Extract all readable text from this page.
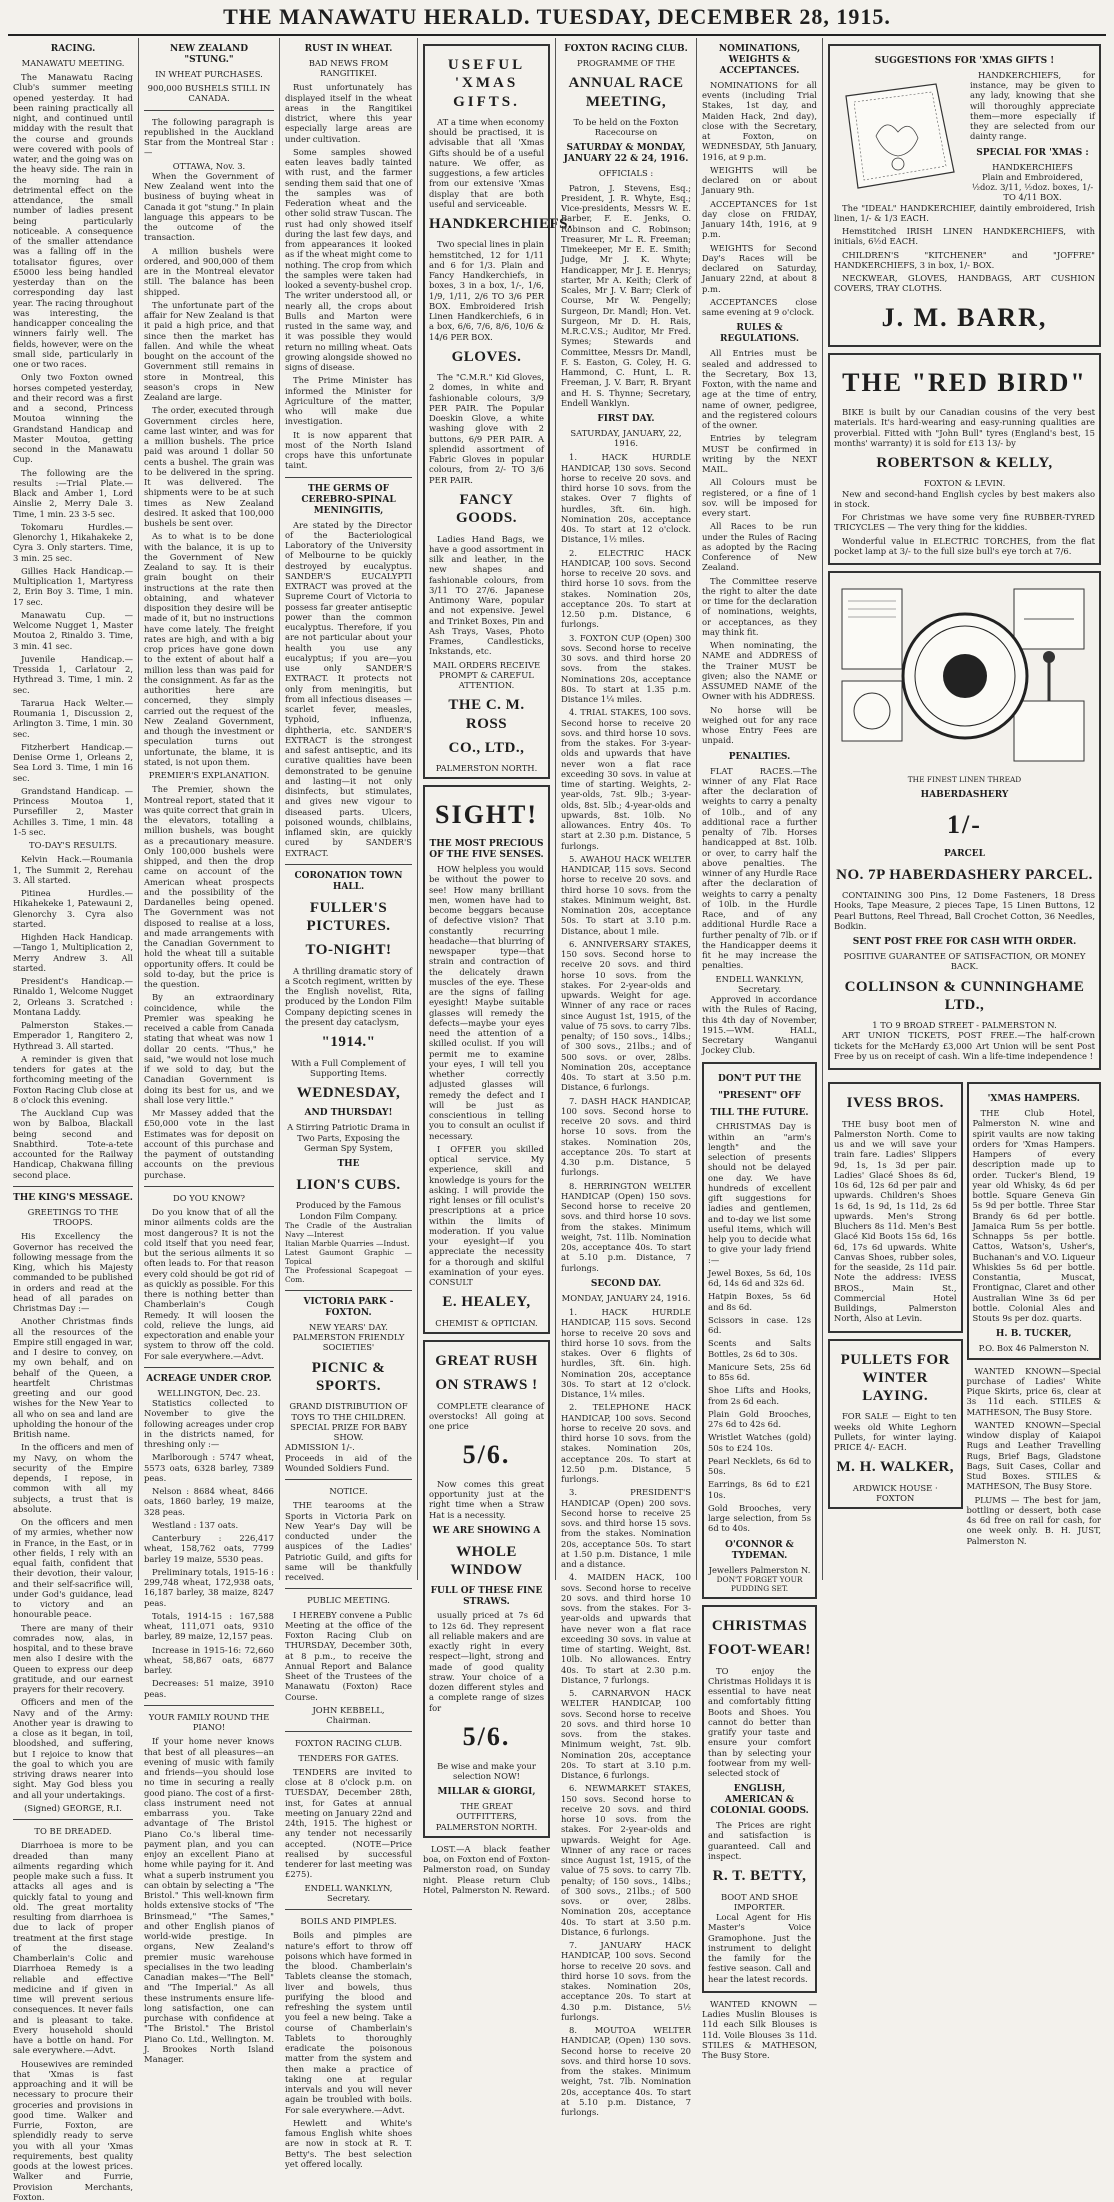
THE MANAWATU HERALD. TUESDAY, DECEMBER 28, 1915.
RACING.
MANAWATU MEETING.

The Manawatu Racing Club's summer meeting opened yesterday. It had been raining practically all night, and continued until midday with the result that the course and grounds were covered with pools of water, and the going was on the heavy side. The rain in the morning had a detrimental effect on the attendance, the small number of ladies present being particularly noticeable. A consequence of the smaller attendance was a falling off in the totalisator figures, over £5000 less being handled yesterday than on the corresponding day last year. The racing throughout was interesting, the handicapper concealing the winners fairly well. The fields, however, were on the small side, particularly in one or two races.

Only two Foxton owned horses competed yesterday, and their record was a first and a second, Princess Moutoa winning the Grandstand Handicap and Master Moutoa, getting second in the Manawatu Cup.

The following are the results :—Trial Plate.—Black and Amber 1, Lord Ainslie 2, Merry Dale 3. Time, 1 min. 23 3-5 sec.

Tokomaru Hurdles.—Glenorchy 1, Hikahakeke 2, Cyra 3. Only starters. Time, 3 min. 25 sec.

Gillies Hack Handicap.—Multiplication 1, Martyress 2, Erin Boy 3. Time, 1 min. 17 sec.

Manawatu Cup. — Welcome Nugget 1, Master Moutoa 2, Rinaldo 3. Time, 3 min. 41 sec.

Juvenile Handicap.—Tressida 1, Carlatour 2, Hythread 3. Time, 1 min. 2 sec.

Tararua Hack Welter.—Roumania 1, Discussion 2, Arlington 3. Time, 1 min. 30 sec.

Fitzherbert Handicap.—Denise Orme 1, Orleans 2, Sea Lord 3. Time, 1 min 16 sec.

Grandstand Handicap. — Princess Moutoa 1, Pursefiller 2, Master Achilles 3. Time, 1 min. 48 1-5 sec.

TO-DAY'S RESULTS.

Kelvin Hack.—Roumania 1, The Summit 2, Rerehau 3. All started.

Pitinea Hurdles.—Hikahekeke 1, Patewauni 2, Glenorchy 3. Cyra also started.

Highden Hack Handicap.—Tango 1, Multiplication 2, Merry Andrew 3. All started.

President's Handicap.—Rinaldo 1, Welcome Nugget 2, Orleans 3. Scratched : Montana Laddy.

Palmerston Stakes.—Emperador 1, Rangitero 2, Hythread 3. All started.

A reminder is given that tenders for gates at the forthcoming meeting of the Foxton Racing Club close at 8 o'clock this evening.

The Auckland Cup was won by Balboa, Blackall being second and Snabthird. Tote-a-tete accounted for the Railway Handicap, Chakwana filling second place.

THE KING'S MESSAGE.
GREETINGS TO THE TROOPS.

His Excellency the Governor has received the following message from the King, which his Majesty commanded to be published in orders and read at the head of all parades on Christmas Day :—

Another Christmas finds all the resources of the Empire still engaged in war, and I desire to convey, on my own behalf, and on behalf of the Queen, a heartfelt Christmas greeting and our good wishes for the New Year to all who on sea and land are upholding the honour of the British name.

In the officers and men of my Navy, on whom the security of the Empire depends, I repose, in common with all my subjects, a trust that is absolute.

On the officers and men of my armies, whether now in France, in the East, or in other fields, I rely with an equal faith, confident that their devotion, their valour, and their self-sacrifice will, under God's guidance, lead to victory and an honourable peace.

There are many of their comrades now, alas, in hospital, and to these brave men also I desire with the Queen to express our deep gratitude, and our earnest prayers for their recovery.

Officers and men of the Navy and of the Army: Another year is drawing to a close as it began, in toil, bloodshed, and suffering, but I rejoice to know that the goal to which you are striving draws nearer into sight. May God bless you and all your undertakings.

(Signed) GEORGE, R.I.
TO BE DREADED.

Diarrhoea is more to be dreaded than many ailments regarding which people make such a fuss. It attacks all ages and is quickly fatal to young and old. The great mortality resulting from diarrhoea is due to lack of proper treatment at the first stage of the disease. Chamberlain's Colic and Diarrhoea Remedy is a reliable and effective medicine and if given in time will prevent serious consequences. It never fails and is pleasant to take. Every household should have a bottle on hand. For sale everywhere.—Advt.

Housewives are reminded that 'Xmas is fast approaching and it will be necessary to procure their groceries and provisions in good time. Walker and Furrie, Foxton, are splendidly ready to serve you with all your 'Xmas requirements, best quality goods at the lowest prices. Walker and Furrie, Provision Merchants, Foxton.

NEW ZEALAND "STUNG."
IN WHEAT PURCHASES.
900,000 BUSHELS STILL IN CANADA.

The following paragraph is republished in the Auckland Star from the Montreal Star :—

OTTAWA, Nov. 3.

When the Government of New Zealand went into the business of buying wheat in Canada it got "stung." In plain language this appears to be the outcome of the transaction.

A million bushels were ordered, and 900,000 of them are in the Montreal elevator still. The balance has been shipped.

The unfortunate part of the affair for New Zealand is that it paid a high price, and that since then the market has fallen. And while the wheat bought on the account of the Government still remains in store in Montreal, this season's crops in New Zealand are large.

The order, executed through Government circles here, came last winter, and was for a million bushels. The price paid was around 1 dollar 50 cents a bushel. The grain was to be delivered in the spring. It was delivered. The shipments were to be at such times as New Zealand desired. It asked that 100,000 bushels be sent over.

As to what is to be done with the balance, it is up to the Government of New Zealand to say. It is their grain bought on their instructions at the rate then obtaining, and whatever disposition they desire will be made of it, but no instructions have come lately. The freight rates are high, and with a big crop prices have gone down to the extent of about half a million less than was paid for the consignment. As far as the authorities here are concerned, they simply carried out the request of the New Zealand Government, and though the investment or speculation turns out unfortunate, the blame, it is stated, is not upon them.

PREMIER'S EXPLANATION.

The Premier, shown the Montreal report, stated that it was quite correct that grain in the elevators, totalling a million bushels, was bought as a precautionary measure. Only 100,000 bushels were shipped, and then the drop came on account of the American wheat prospects and the possibility of the Dardanelles being opened. The Government was not disposed to realise at a loss, and made arrangements with the Canadian Government to hold the wheat till a suitable opportunity offers. It could be sold to-day, but the price is the question.

By an extraordinary coincidence, while the Premier was speaking he received a cable from Canada stating that wheat was now 1 dollar 20 cents. "Thus," he said, "we would not lose much if we sold to day, but the Canadian Government is doing its best for us, and we shall lose very little."

Mr Massey added that the £50,000 vote in the last Estimates was for deposit on account of this purchase and the payment of outstanding accounts on the previous purchase.

DO YOU KNOW?

Do you know that of all the minor ailments colds are the most dangerous? It is not the cold itself that you need fear, but the serious ailments it so often leads to. For that reason every cold should be got rid of as quickly as possible. For this there is nothing better than Chamberlain's Cough Remedy. It will loosen the cold, relieve the lungs, aid expectoration and enable your system to throw off the cold. For sale everywhere.—Advt.

ACREAGE UNDER CROP.
WELLINGTON, Dec. 23.

Statistics collected to November to give the following acreages under crop in the districts named, for threshing only :—

Marlborough : 5747 wheat, 5573 oats, 6328 barley, 7389 peas.

Nelson : 8684 wheat, 8466 oats, 1860 barley, 19 maize, 328 peas.

Westland : 137 oats.

Canterbury : 226,417 wheat, 158,762 oats, 7799 barley 19 maize, 5530 peas.

Preliminary totals, 1915-16 : 299,748 wheat, 172,938 oats, 16,187 barley, 38 maize, 8247 peas.

Totals, 1914-15 : 167,588 wheat, 111,071 oats, 9310 barley, 89 maize, 12,157 peas.

Increase in 1915-16: 72,660 wheat, 58,867 oats, 6877 barley.

Decreases: 51 maize, 3910 peas.

YOUR FAMILY ROUND THE PIANO!

If your home never knows that best of all pleasures—an evening of music with family and friends—you should lose no time in securing a really good piano. The cost of a first-class instrument need not embarrass you. Take advantage of The Bristol Piano Co.'s liberal time-payment plan, and you can enjoy an excellent Piano at home while paying for it. And what a superb instrument you can obtain by selecting a "The Bristol." This well-known firm holds extensive stocks of "The Brinsmead," "The Sames," and other English pianos of world-wide prestige. In organs, New Zealand's premier music warehouse specialises in the two leading Canadian makes—"The Bell" and "The Imperial." As all these instruments ensure life-long satisfaction, one can purchase with confidence at "The Bristol." The Bristol Piano Co. Ltd., Wellington. M. J. Brookes North Island Manager.

RUST IN WHEAT.
BAD NEWS FROM RANGITIKEI.

Rust unfortunately has displayed itself in the wheat areas in the Rangitikei district, where this year especially large areas are under cultivation.

Some samples showed eaten leaves badly tainted with rust, and the farmer sending them said that one of the samples was of Federation wheat and the other solid straw Tuscan. The rust had only showed itself during the last few days, and from appearances it looked as if the wheat might come to nothing. The crop from which the samples were taken had looked a seventy-bushel crop. The writer understood all, or nearly all, the crops about Bulls and Marton were rusted in the same way, and it was possible they would return no milling wheat. Oats growing alongside showed no signs of disease.

The Prime Minister has informed the Minister for Agriculture of the matter, who will make due investigation.

It is now apparent that most of the North Island crops have this unfortunate taint.

THE GERMS OF CEREBRO-SPINAL MENINGITIS,

Are stated by the Director of the Bacteriological Laboratory of the University of Melbourne to be quickly destroyed by eucalyptus. SANDER'S EUCALYPTI EXTRACT was proved at the Supreme Court of Victoria to possess far greater antiseptic power than the common eucalyptus. Therefore, if you are not particular about your health you use any eucalyptus; if you are—you use only SANDER'S EXTRACT. It protects not only from meningitis, but from all infectious diseases — scarlet fever, measles, typhoid, influenza, diphtheria, etc. SANDER'S EXTRACT is the strongest and safest antiseptic, and its curative qualities have been demonstrated to be genuine and lasting—it not only disinfects, but stimulates, and gives new vigour to diseased parts. Ulcers, poisoned wounds, chilblains, inflamed skin, are quickly cured by SANDER'S EXTRACT.

CORONATION TOWN HALL.
FULLER'S PICTURES.
TO-NIGHT!

A thrilling dramatic story of a Scotch regiment, written by the English novelist, Rita, produced by the London Film Company depicting scenes in the present day cataclysm,

"1914."
With a Full Complement of Supporting Items.
WEDNESDAY,
AND THURSDAY!
A Stirring Patriotic Drama in Two Parts, Exposing the German Spy System,
THE
LION'S CUBS.
Produced by the Famous London Film Company.
The Cradle of the Australian Navy —Interest
Italian Marble Quarries —Indust.
Latest Gaumont Graphic —Topical
The Professional Scapegoat —Com.
VICTORIA PARK - FOXTON.
NEW YEARS' DAY.
PALMERSTON FRIENDLY SOCIETIES'
PICNIC & SPORTS.
GRAND DISTRIBUTION OF TOYS TO THE CHILDREN.
SPECIAL PRIZE FOR BABY SHOW.
ADMISSION 1/-.
Proceeds in aid of the Wounded Soldiers Fund.
NOTICE.

THE tearooms at the Sports in Victoria Park on New Year's Day will be conducted under the auspices of the Ladies' Patriotic Guild, and gifts for same will be thankfully received.

PUBLIC MEETING.

I HEREBY convene a Public Meeting at the office of the Foxton Racing Club on THURSDAY, December 30th, at 8 p.m., to receive the Annual Report and Balance Sheet of the Trustees of the Manawatu (Foxton) Race Course.

JOHN KEBBELL,
Chairman.
FOXTON RACING CLUB.
TENDERS FOR GATES.

TENDERS are invited to close at 8 o'clock p.m. on TUESDAY, December 28th, inst, for Gates at annual meeting on January 22nd and 24th, 1915. The highest or any tender not necessarily accepted. (NOTE—Price realised by successful tenderer for last meeting was £275).

ENDELL WANKLYN,
Secretary.
BOILS AND PIMPLES.

Boils and pimples are nature's effort to throw off poisons which have formed in the blood. Chamberlain's Tablets cleanse the stomach, liver and bowels, thus purifying the blood and refreshing the system until you feel a new being. Take a course of Chamberlain's Tablets to thoroughly eradicate the poisonous matter from the system and then make a practice of taking one at regular intervals and you will never again be troubled with boils. For sale everywhere.—Advt.

Hewlett and White's famous English white shoes are now in stock at R. T. Betty's. The best selection yet offered locally.

USEFUL 'XMAS GIFTS.

AT a time when economy should be practised, it is advisable that all 'Xmas Gifts should be of a useful nature. We offer, as suggestions, a few articles from our extensive 'Xmas display that are both useful and serviceable.

HANDKERCHIEFS.

Two special lines in plain hemstitched, 12 for 1/11 and 6 for 1/3. Plain and Fancy Handkerchiefs, in boxes, 3 in a box, 1/-, 1/6, 1/9, 1/11, 2/6 TO 3/6 PER BOX. Embroidered Irish Linen Handkerchiefs, 6 in a box, 6/6, 7/6, 8/6, 10/6 & 14/6 PER BOX.

GLOVES.

The "C.M.R." Kid Gloves, 2 domes, in white and fashionable colours, 3/9 PER PAIR. The Popular Doeskin Glove, a white washing glove with 2 buttons, 6/9 PER PAIR. A splendid assortment of Fabric Gloves in popular colours, from 2/- TO 3/6 PER PAIR.

FANCY GOODS.

Ladies Hand Bags, we have a good assortment in silk and leather, in the new shapes and fashionable colours, from 3/11 TO 27/6. Japanese Antimony Ware, popular and not expensive. Jewel and Trinket Boxes, Pin and Ash Trays, Vases, Photo Frames, Candlesticks, Inkstands, etc.

MAIL ORDERS RECEIVE PROMPT & CAREFUL ATTENTION.
THE C. M. ROSS
CO., LTD.,
PALMERSTON NORTH.
SIGHT!
THE MOST PRECIOUS OF THE FIVE SENSES.

HOW helpless you would be without the power to see! How many brilliant men, women have had to become beggars because of defective vision? That constantly recurring headache—that blurring of newspaper type—that strain and contraction of the delicately drawn muscles of the eye. These are the signs of failing eyesight! Maybe suitable glasses will remedy the defects—maybe your eyes need the attention of a skilled oculist. If you will permit me to examine your eyes, I will tell you whether correctly adjusted glasses will remedy the defect and I will be just as conscientious in telling you to consult an oculist if necessary.

I OFFER you skilled optical service. My experience, skill and knowledge is yours for the asking. I will provide the right lenses or fill oculist's prescriptions at a price within the limits of moderation. If you value your eyesight—if you appreciate the necessity for a thorough and skilful examination of your eyes. CONSULT

E. HEALEY,
CHEMIST & OPTICIAN.
GREAT RUSH
ON STRAWS !

COMPLETE clearance of overstocks! All going at one price

5/6.

Now comes this great opportunity just at the right time when a Straw Hat is a necessity.

WE ARE SHOWING A
WHOLE WINDOW
FULL OF THESE FINE STRAWS.

usually priced at 7s 6d to 12s 6d. They represent all reliable makers and are exactly right in every respect—light, strong and made of good quality straw. Your choice of a dozen different styles and a complete range of sizes for

5/6.
Be wise and make your selection NOW!
MILLAR & GIORGI,
THE GREAT OUTFITTERS,
PALMERSTON NORTH.

LOST.—A black feather boa, on Foxton end of Foxton-Palmerston road, on Sunday night. Please return Club Hotel, Palmerston N. Reward.

FOXTON RACING CLUB.
PROGRAMME OF THE
ANNUAL RACE MEETING,
To be held on the Foxton Racecourse on
SATURDAY & MONDAY, JANUARY 22 & 24, 1916.
OFFICIALS :

Patron, J. Stevens, Esq.; President, J. R. Whyte, Esq.; Vice-presidents, Messrs W. E. Barber, F. E. Jenks, O. Robinson and C. Robinson; Treasurer, Mr L. R. Freeman; Timekeeper, Mr E. E. Smith; Judge, Mr J. K. Whyte; Handicapper, Mr J. E. Henrys; starter, Mr A. Keith; Clerk of Scales, Mr J. V. Barr; Clerk of Course, Mr W. Pengelly; Surgeon, Dr. Mandl; Hon. Vet. Surgeon, Mr D. H. Rais, M.R.C.V.S.; Auditor, Mr Fred. Symes; Stewards and Committee, Messrs Dr. Mandl, F. S. Easton, G. Coley, H. G. Hammond, C. Hunt, L. R. Freeman, J. V. Barr, R. Bryant and H. S. Thynne; Secretary, Endell Wanklyn.

FIRST DAY.
SATURDAY, JANUARY, 22, 1916.

1. HACK HURDLE HANDICAP, 130 sovs. Second horse to receive 20 sovs. and third horse 10 sovs. from the stakes. Over 7 flights of hurdles, 3ft. 6in. high. Nomination 20s, acceptance 40s. To start at 12 o'clock. Distance, 1½ miles.

2. ELECTRIC HACK HANDICAP, 100 sovs. Second horse to receive 20 sovs. and third horse 10 sovs. from the stakes. Nomination 20s, acceptance 20s. To start at 12.50 p.m. Distance, 6 furlongs.

3. FOXTON CUP (Open) 300 sovs. Second horse to receive 30 sovs. and third horse 20 sovs. from the stakes. Nominations 20s, acceptance 80s. To start at 1.35 p.m. Distance 1¼ miles.

4. TRIAL STAKES, 100 sovs. Second horse to receive 20 sovs. and third horse 10 sovs. from the stakes. For 3-year-olds and upwards that have never won a flat race exceeding 30 sovs. in value at time of starting. Weights, 2-year-olds, 7st. 9lb.; 3-year-olds, 8st. 5lb.; 4-year-olds and upwards, 8st. 10lb. No allowances. Entry 40s. To start at 2.30 p.m. Distance, 5 furlongs.

5. AWAHOU HACK WELTER HANDICAP, 115 sovs. Second horse to receive 20 sovs. and third horse 10 sovs. from the stakes. Minimum weight, 8st. Nomination 20s, acceptance 50s. To start at 3.10 p.m. Distance, about 1 mile.

6. ANNIVERSARY STAKES, 150 sovs. Second horse to receive 20 sovs. and third horse 10 sovs. from the stakes. For 2-year-olds and upwards. Weight for age. Winner of any race or races since August 1st, 1915, of the value of 75 sovs. to carry 7lbs. penalty; of 150 sovs., 14lbs.; of 300 sovs., 21lbs.; and of 500 sovs. or over, 28lbs. Nomination 20s, acceptance 40s. To start at 3.50 p.m. Distance, 6 furlongs.

7. DASH HACK HANDICAP, 100 sovs. Second horse to receive 20 sovs. and third horse 10 sovs. from the stakes. Nomination 20s, acceptance 20s. To start at 4.30 p.m. Distance, 5 furlongs.

8. HERRINGTON WELTER HANDICAP (Open) 150 sovs. Second horse to receive 20 sovs. and third horse 10 sovs. from the stakes. Minimum weight, 7st. 11lb. Nomination 20s, acceptance 40s. To start at 5.10 p.m. Distance, 7 furlongs.

SECOND DAY.
MONDAY, JANUARY 24, 1916.

1. HACK HURDLE HANDICAP, 115 sovs. Second horse to receive 20 sovs and third horse 10 sovs. from the stakes. Over 6 flights of hurdles, 3ft. 6in. high. Nomination 20s, acceptance 30s. To start at 12 o'clock. Distance, 1¼ miles.

2. TELEPHONE HACK HANDICAP, 100 sovs. Second horse to receive 20 sovs. and third horse 10 sovs. from the stakes. Nomination 20s, acceptance 20s. To start at 12.50 p.m. Distance, 5 furlongs.

3. PRESIDENT'S HANDICAP (Open) 200 sovs. Second horse to receive 25 sovs. and third horse 15 sovs. from the stakes. Nomination 20s, acceptance 50s. To start at 1.50 p.m. Distance, 1 mile and a distance.

4. MAIDEN HACK, 100 sovs. Second horse to receive 20 sovs. and third horse 10 sovs. from the stakes. For 3-year-olds and upwards that have never won a flat race exceeding 30 sovs. in value at time of starting. Weight, 8st. 10lb. No allowances. Entry 40s. To start at 2.30 p.m. Distance, 7 furlongs.

5. CARNARVON HACK WELTER HANDICAP, 100 sovs. Second horse to receive 20 sovs. and third horse 10 sovs. from the stakes. Minimum weight, 7st. 9lb. Nomination 20s, acceptance 20s. To start at 3.10 p.m. Distance, 6 furlongs.

6. NEWMARKET STAKES, 150 sovs. Second horse to receive 20 sovs. and third horse 10 sovs. from the stakes. For 2-year-olds and upwards. Weight for Age. Winner of any race or races since August 1st, 1915, of the value of 75 sovs. to carry 7lb. penalty; of 150 sovs., 14lbs.; of 300 sovs., 21lbs.; of 500 sovs. or over, 28lbs. Nomination 20s, acceptance 40s. To start at 3.50 p.m. Distance, 6 furlongs.

7. JANUARY HACK HANDICAP, 100 sovs. Second horse to receive 20 sovs. and third horse 10 sovs. from the stakes. Nomination 20s, acceptance 20s. To start at 4.30 p.m. Distance, 5½ furlongs.

8. MOUTOA WELTER HANDICAP, (Open) 130 sovs. Second horse to receive 20 sovs. and third horse 10 sovs. from the stakes. Minimum weight, 7st. 7lb. Nomination 20s, acceptance 40s. To start at 5.10 p.m. Distance, 7 furlongs.

NOMINATIONS, WEIGHTS & ACCEPTANCES.

NOMINATIONS for all events (including Trial Stakes, 1st day, and Maiden Hack, 2nd day), close with the Secretary, at Foxton, on WEDNESDAY, 5th January, 1916, at 9 p.m.

WEIGHTS will be declared on or about January 9th.

ACCEPTANCES for 1st day close on FRIDAY, January 14th, 1916, at 9 p.m.

WEIGHTS for Second Day's Races will be declared on Saturday, January 22nd, at about 8 p.m.

ACCEPTANCES close same evening at 9 o'clock.

RULES & REGULATIONS.

All Entries must be sealed and addressed to the Secretary, Box 13, Foxton, with the name and age at the time of entry, name of owner, pedigree, and the registered colours of the owner.

Entries by telegram MUST be confirmed in writing by the NEXT MAIL.

All Colours must be registered, or a fine of 1 sov. will be imposed for every start.

All Races to be run under the Rules of Racing as adopted by the Racing Conference of New Zealand.

The Committee reserve the right to alter the date or time for the declaration of nominations, weights, or acceptances, as they may think fit.

When nominating, the NAME and ADDRESS of the Trainer MUST be given; also the NAME or ASSUMED NAME of the Owner with his ADDRESS.

No horse will be weighed out for any race whose Entry Fees are unpaid.

PENALTIES.

FLAT RACES.—The winner of any Flat Race after the declaration of weights to carry a penalty of 10lb., and of any additional race a further penalty of 7lb. Horses handicapped at 8st. 10lb. or over, to carry half the above penalties. The winner of any Hurdle Race after the declaration of weights to carry a penalty of 10lb. in the Hurdle Race, and of any additional Hurdle Race a further penalty of 7lb. or if the Handicapper deems it fit he may increase the penalties.

ENDELL WANKLYN,
Secretary.

Approved in accordance with the Rules of Racing, this 4th day of November, 1915.—WM. HALL, Secretary Wanganui Jockey Club.

DON'T PUT THE
"PRESENT" OFF
TILL THE FUTURE.

CHRISTMAS Day is within an "arm's length" and the selection of presents should not be delayed one day. We have hundreds of excellent gift suggestions for ladies and gentlemen, and to-day we list some useful items, which will help you to decide what to give your lady friend :—

Jewel Boxes, 5s 6d, 10s 6d, 14s 6d and 32s 6d.
Hatpin Boxes, 5s 6d and 8s 6d.
Scissors in case. 12s 6d.
Scents and Salts Bottles, 2s 6d to 30s.
Manicure Sets, 25s 6d to 85s 6d.
Shoe Lifts and Hooks, from 2s 6d each.
Plain Gold Brooches, 27s 6d to 42s 6d.
Wristlet Watches (gold) 50s to £24 10s.
Pearl Necklets, 6s 6d to 50s.
Earrings, 8s 6d to £21 10s.
Gold Brooches, very large selection, from 5s 6d to 40s.
O'CONNOR & TYDEMAN.
Jewellers Palmerston N.
DON'T FORGET YOUR PUDDING SET.
CHRISTMAS
FOOT-WEAR!

TO enjoy the Christmas Holidays it is essential to have neat and comfortably fitting Boots and Shoes. You cannot do better than gratify your taste and ensure your comfort than by selecting your footwear from my well-selected stock of

ENGLISH, AMERICAN & COLONIAL GOODS.

The Prices are right and satisfaction is guaranteed. Call and inspect.

R. T. BETTY,
BOOT AND SHOE IMPORTER.

Local Agent for His Master's Voice Gramophone. Just the instrument to delight the family for the festive season. Call and hear the latest records.

WANTED KNOWN — Ladies Muslin Blouses is 11d each Silk Blouses is 11d. Voile Blouses 3s 11d. STILES & MATHESON, The Busy Store.

SUGGESTIONS FOR 'XMAS GIFTS !

HANDKERCHIEFS, for instance, may be given to any lady, knowing that she will thoroughly appreciate them—more especially if they are selected from our dainty range.

SPECIAL FOR 'XMAS :
HANDKERCHIEFS
Plain and Embroidered, ½doz. 3/11, ½doz. boxes, 1/- TO 4/11 BOX.

The "IDEAL" HANDKERCHIEF, daintily embroidered, Irish linen, 1/- & 1/3 EACH.

Hemstitched IRISH LINEN HANDKERCHIEFS, with initials, 6½d EACH.

CHILDREN'S "KITCHENER" and "JOFFRE" HANDKERCHIEFS, 3 in box, 1/- BOX.

NECKWEAR, GLOVES, HANDBAGS, ART CUSHION COVERS, TRAY CLOTHS.

J. M. BARR,
THE "RED BIRD"

BIKE is built by our Canadian cousins of the very best materials. It's hard-wearing and easy-running qualities are proverbial. Fitted with "John Bull" tyres (England's best, 15 months' warranty) it is sold for £13 13/- by

ROBERTSON & KELLY,
FOXTON & LEVIN.

New and second-hand English cycles by best makers also in stock.

For Christmas we have some very fine RUBBER-TYRED TRICYCLES — The very thing for the kiddies.

Wonderful value in ELECTRIC TORCHES, from the flat pocket lamp at 3/- to the full size bull's eye torch at 7/6.

THE FINEST LINEN THREAD
HABERDASHERY
1/-
PARCEL
NO. 7P HABERDASHERY PARCEL.

CONTAINING 300 Pins, 12 Dome Fasteners, 18 Dress Hooks, Tape Measure, 2 pieces Tape, 15 Linen Buttons, 12 Pearl Buttons, Reel Thread, Ball Crochet Cotton, 36 Needles, Bodkin.

SENT POST FREE FOR CASH WITH ORDER.
POSITIVE GUARANTEE OF SATISFACTION, OR MONEY BACK.
COLLINSON & CUNNINGHAME LTD.,
1 TO 9 BROAD STREET - PALMERSTON N.

ART UNION TICKETS, POST FREE.—The half-crown tickets for the McHardy £3,000 Art Union will be sent Post Free by us on receipt of cash. Win a life-time independence !

IVESS BROS.

THE busy boot men of Palmerston North. Come to us and we will save your train fare. Ladies' Slippers 9d, 1s, 1s 3d per pair. Ladies' Glacé Shoes 8s 6d, 10s 6d, 12s 6d per pair and upwards. Children's Shoes 1s 6d, 1s 9d, 1s 11d, 2s 6d upwards. Men's Strong Bluchers 8s 11d. Men's Best Glacé Kid Boots 15s 6d, 16s 6d, 17s 6d upwards. White Canvas Shoes, rubber soles, for the seaside, 2s 11d pair. Note the address: IVESS BROS., Main St., Commercial Hotel Buildings, Palmerston North, Also at Levin.

PULLETS FOR WINTER LAYING.

FOR SALE — Eight to ten weeks old White Leghorn Pullets, for winter laying. PRICE 4/- EACH.

M. H. WALKER,
ARDWICK HOUSE · FOXTON
'XMAS HAMPERS.

THE Club Hotel, Palmerston N. wine and spirit vaults are now taking orders for 'Xmas Hampers. Hampers of every description made up to order. Tucker's Blend, 19 year old Whisky, 4s 6d per bottle. Square Geneva Gin 5s 9d per bottle. Three Star Brandy 6s 6d per bottle. Jamaica Rum 5s per bottle. Schnapps 5s per bottle. Cattos, Watson's, Usher's, Buchanan's and V.O. Liqueur Whiskies 5s 6d per bottle. Constantia, Muscat, Frontignac, Claret and other Australian Wine 3s 6d per bottle. Colonial Ales and Stouts 9s per doz. quarts.

H. B. TUCKER,
P.O. Box 46 Palmerston N.

WANTED KNOWN—Special purchase of Ladies' White Pique Skirts, price 6s, clear at 3s 11d each. STILES & MATHESON, The Busy Store.

WANTED KNOWN—Special window display of Kaiapoi Rugs and Leather Travelling Rugs, Brief Bags, Gladstone Bags, Suit Cases, Collar and Stud Boxes. STILES & MATHESON, The Busy Store.

PLUMS — The best for jam, bottling or dessert, both case 4s 6d free on rail for cash, for one week only. B. H. JUST, Palmerston N.
